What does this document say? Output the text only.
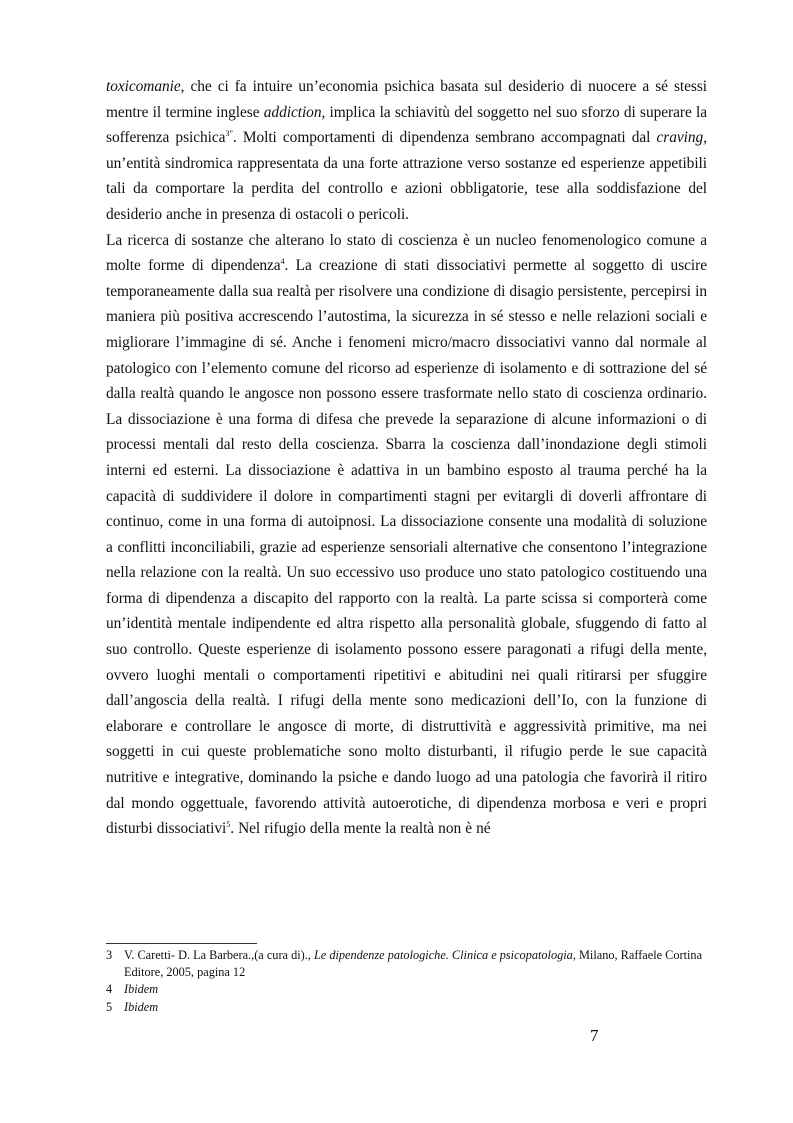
toxicomanie, che ci fa intuire un’economia psichica basata sul desiderio di nuocere a sé stessi mentre il termine inglese addiction, implica la schiavitù del soggetto nel suo sforzo di superare la sofferenza psichica$^{3”}$. Molti comportamenti di dipendenza sembrano accompagnati dal craving, un’entità sindromica rappresentata da una forte attrazione verso sostanze ed esperienze appetibili tali da comportare la perdita del controllo e azioni obbligatorie, tese alla soddisfazione del desiderio anche in presenza di ostacoli o pericoli.

La ricerca di sostanze che alterano lo stato di coscienza è un nucleo fenomenologico comune a molte forme di dipendenza$^4$. La creazione di stati dissociativi permette al soggetto di uscire temporaneamente dalla sua realtà per risolvere una condizione di disagio persistente, percepirsi in maniera più positiva accrescendo l’autostima, la sicurezza in sé stesso e nelle relazioni sociali e migliorare l’immagine di sé. Anche i fenomeni micro/macro dissociativi vanno dal normale al patologico con l’elemento comune del ricorso ad esperienze di isolamento e di sottrazione del sé dalla realtà quando le angosce non possono essere trasformate nello stato di coscienza ordinario. La dissociazione è una forma di difesa che prevede la separazione di alcune informazioni o di processi mentali dal resto della coscienza. Sbarra la coscienza dall’inondazione degli stimoli interni ed esterni. La dissociazione è adattiva in un bambino esposto al trauma perché ha la capacità di suddividere il dolore in compartimenti stagni per evitargli di doverli affrontare di continuo, come in una forma di autoipnosi. La dissociazione consente una modalità di soluzione a conflitti inconciliabili, grazie ad esperienze sensoriali alternative che consentono l’integrazione nella relazione con la realtà. Un suo eccessivo uso produce uno stato patologico costituendo una forma di dipendenza a discapito del rapporto con la realtà. La parte scissa si comporterà come un’identità mentale indipendente ed altra rispetto alla personalità globale, sfuggendo di fatto al suo controllo. Queste esperienze di isolamento possono essere paragonati a rifugi della mente, ovvero luoghi mentali o comportamenti ripetitivi e abitudini nei quali ritirarsi per sfuggire dall’angoscia della realtà. I rifugi della mente sono medicazioni dell’Io, con la funzione di elaborare e controllare le angosce di morte, di distruttività e aggressività primitive, ma nei soggetti in cui queste problematiche sono molto disturbanti, il rifugio perde le sue capacità nutritive e integrative, dominando la psiche e dando luogo ad una patologia che favorirà il ritiro dal mondo oggettuale, favorendo attività autoerotiche, di dipendenza morbosa e veri e propri disturbi dissociativi$^5$. Nel rifugio della mente la realtà non è né

3 V. Caretti- D. La Barbera.,(a cura di)., Le dipendenze patologiche. Clinica e psicopatologia, Milano, Raffaele Cortina Editore, 2005, pagina 12
4 Ibidem
5 Ibidem
7
